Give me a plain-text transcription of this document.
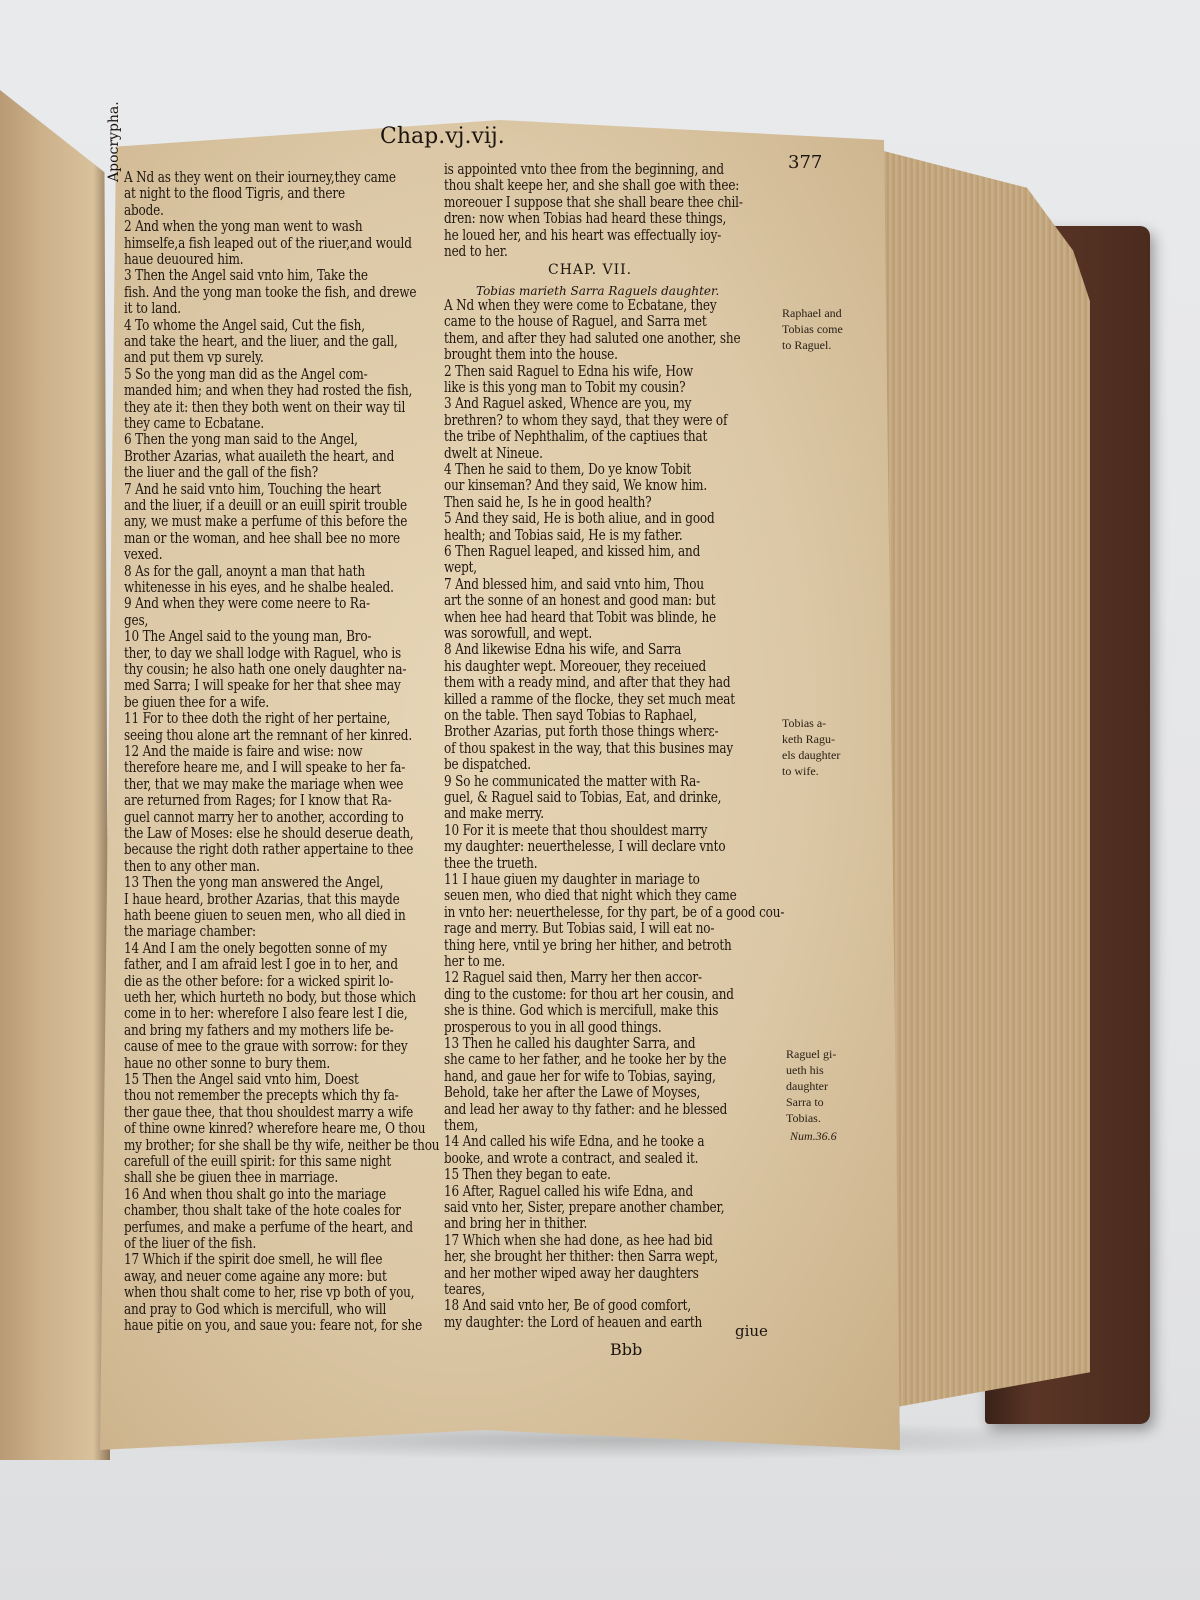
Chap.vj.vij.
377
Apocrypha. A Nd as they went on their iourney,they came
at night to the flood Tigris, and there
abode.
2 And when the yong man went to wash
himselfe,a fish leaped out of the riuer,and would
haue deuoured him.
3 Then the Angel said vnto him, Take the
fish. And the yong man tooke the fish, and drewe
it to land.
4 To whome the Angel said, Cut the fish,
and take the heart, and the liuer, and the gall,
and put them vp surely.
5 So the yong man did as the Angel com-
manded him; and when they had rosted the fish,
they ate it: then they both went on their way til
they came to Ecbatane.
6 Then the yong man said to the Angel,
Brother Azarias, what auaileth the heart, and
the liuer and the gall of the fish?
7 And he said vnto him, Touching the heart
and the liuer, if a deuill or an euill spirit trouble
any, we must make a perfume of this before the
man or the woman, and hee shall bee no more
vexed.
8 As for the gall, anoynt a man that hath
whitenesse in his eyes, and he shalbe healed.
9 And when they were come neere to Ra-
ges,
10 The Angel said to the young man, Bro-
ther, to day we shall lodge with Raguel, who is
thy cousin; he also hath one onely daughter na-
med Sarra; I will speake for her that shee may
be giuen thee for a wife.
11 For to thee doth the right of her pertaine,
seeing thou alone art the remnant of her kinred.
12 And the maide is faire and wise: now
therefore heare me, and I will speake to her fa-
ther, that we may make the mariage when wee
are returned from Rages; for I know that Ra-
guel cannot marry her to another, according to
the Law of Moses: else he should deserue death,
because the right doth rather appertaine to thee
then to any other man.
13 Then the yong man answered the Angel,
I haue heard, brother Azarias, that this mayde
hath beene giuen to seuen men, who all died in
the mariage chamber:
14 And I am the onely begotten sonne of my
father, and I am afraid lest I goe in to her, and
die as the other before: for a wicked spirit lo-
ueth her, which hurteth no body, but those which
come in to her: wherefore I also feare lest I die,
and bring my fathers and my mothers life be-
cause of mee to the graue with sorrow: for they
haue no other sonne to bury them.
15 Then the Angel said vnto him, Doest
thou not remember the precepts which thy fa-
ther gaue thee, that thou shouldest marry a wife
of thine owne kinred? wherefore heare me, O thou
my brother; for she shall be thy wife, neither be thou
carefull of the euill spirit: for this same night
shall she be giuen thee in marriage.
16 And when thou shalt go into the mariage
chamber, thou shalt take of the hote coales for
perfumes, and make a perfume of the heart, and
of the liuer of the fish.
17 Which if the spirit doe smell, he will flee
away, and neuer come againe any more: but
when thou shalt come to her, rise vp both of you,
and pray to God which is mercifull, who will
haue pitie on you, and saue you: feare not, for she
is appointed vnto thee from the beginning, and
thou shalt keepe her, and she shall goe with thee:
moreouer I suppose that she shall beare thee chil-
dren: now when Tobias had heard these things,
he loued her, and his heart was effectually ioy-
ned to her.
CHAP. VII.
Tobias marieth Sarra Raguels daughter.
A Nd when they were come to Ecbatane, they
came to the house of Raguel, and Sarra met
them, and after they had saluted one another, she
brought them into the house.
2 Then said Raguel to Edna his wife, How
like is this yong man to Tobit my cousin?
3 And Raguel asked, Whence are you, my
brethren? to whom they sayd, that they were of
the tribe of Nephthalim, of the captiues that
dwelt at Nineue.
4 Then he said to them, Do ye know Tobit
our kinseman? And they said, We know him.
Then said he, Is he in good health?
5 And they said, He is both aliue, and in good
health; and Tobias said, He is my father.
6 Then Raguel leaped, and kissed him, and
wept,
7 And blessed him, and said vnto him, Thou
art the sonne of an honest and good man: but
when hee had heard that Tobit was blinde, he
was sorowfull, and wept.
8 And likewise Edna his wife, and Sarra
his daughter wept. Moreouer, they receiued
them with a ready mind, and after that they had
killed a ramme of the flocke, they set much meat
on the table. Then sayd Tobias to Raphael,
Brother Azarias, put forth those things wherε-
of thou spakest in the way, that this busines may
be dispatched.
9 So he communicated the matter with Ra-
guel, & Raguel said to Tobias, Eat, and drinke,
and make merry.
10 For it is meete that thou shouldest marry
my daughter: neuerthelesse, I will declare vnto
thee the trueth.
11 I haue giuen my daughter in mariage to
seuen men, who died that night which they came
in vnto her: neuerthelesse, for thy part, be of a good cou-
rage and merry. But Tobias said, I will eat no-
thing here, vntil ye bring her hither, and betroth
her to me.
12 Raguel said then, Marry her then accor-
ding to the custome: for thou art her cousin, and
she is thine. God which is mercifull, make this
prosperous to you in all good things.
13 Then he called his daughter Sarra, and
she came to her father, and he tooke her by the
hand, and gaue her for wife to Tobias, saying,
Behold, take her after the Lawe of Moyses,
and lead her away to thy father: and he blessed
them,
14 And called his wife Edna, and he tooke a
booke, and wrote a contract, and sealed it.
15 Then they began to eate.
16 After, Raguel called his wife Edna, and
said vnto her, Sister, prepare another chamber,
and bring her in thither.
17 Which when she had done, as hee had bid
her, she brought her thither: then Sarra wept,
and her mother wiped away her daughters
teares,
18 And said vnto her, Be of good comfort,
my daughter: the Lord of heauen and earth
Raphael and
Tobias come
to Raguel.
Tobias a-
keth Ragu-
els daughter
to wife.
Raguel gi-
ueth his
daughter
Sarra to
Tobias.
Num.36.6
giue
Bbb
